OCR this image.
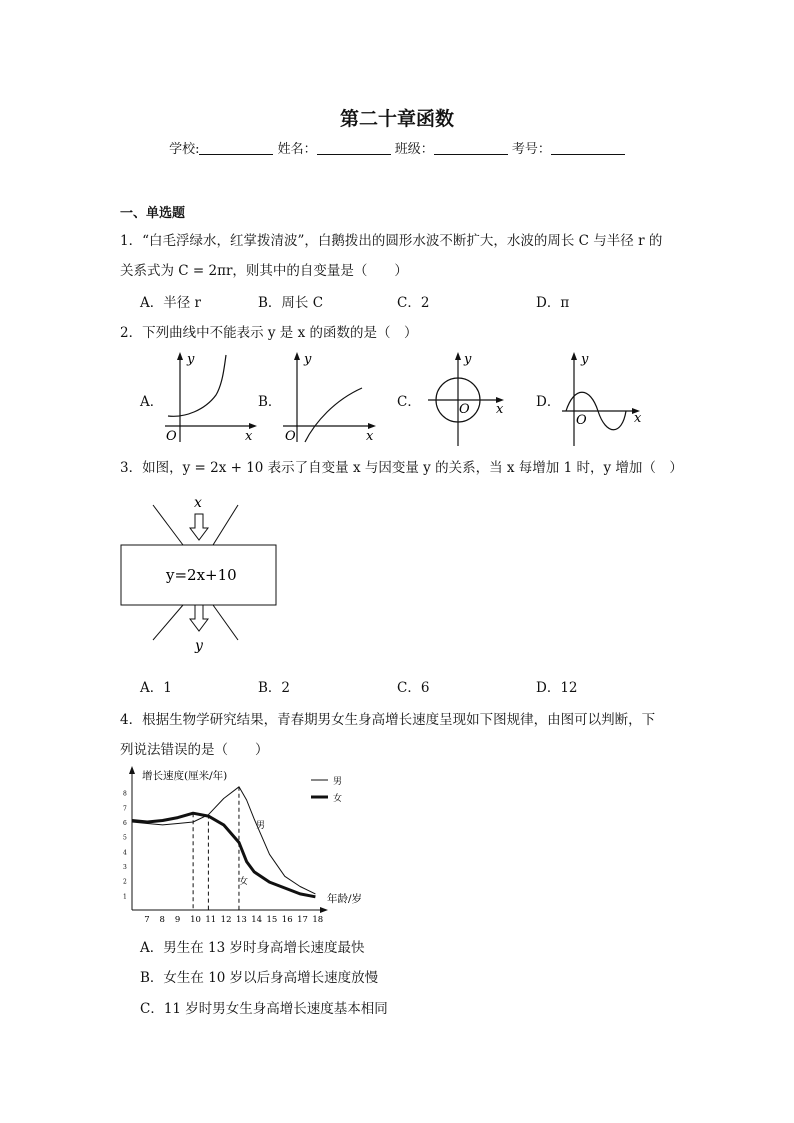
第二十章函数
学校:	姓名：	班级：	考号：
一、单选题
1．“白毛浮绿水，红掌拨清波”，白鹅拨出的圆形水波不断扩大，水波的周长 C 与半径 r 的
关系式为 C = 2πr，则其中的自变量是（　　）
A．半径 r	B．周长 C	C．2	D．π
2．下列曲线中不能表示 y 是 x 的函数的是（　）
A．	B．	C．	D．
y
x
O
y
x
O
y
x
O
y
x
O
3．如图，y = 2x + 10 表示了自变量 x 与因变量 y 的关系，当 x 每增加 1 时，y 增加（　）
x
y=2x+10
y
A．1	B．2	C．6	D．12
4．根据生物学研究结果，青春期男女生身高增长速度呈现如下图规律，由图可以判断，下
列说法错误的是（　　）
增长速度(厘米/年)
年龄/岁
7 8 9 10 11 12 13 14 15 16 17 18
1
2
3
4
5
6
7
8
男
女
男
女
A．男生在 13 岁时身高增长速度最快
B．女生在 10 岁以后身高增长速度放慢
C．11 岁时男女生身高增长速度基本相同
